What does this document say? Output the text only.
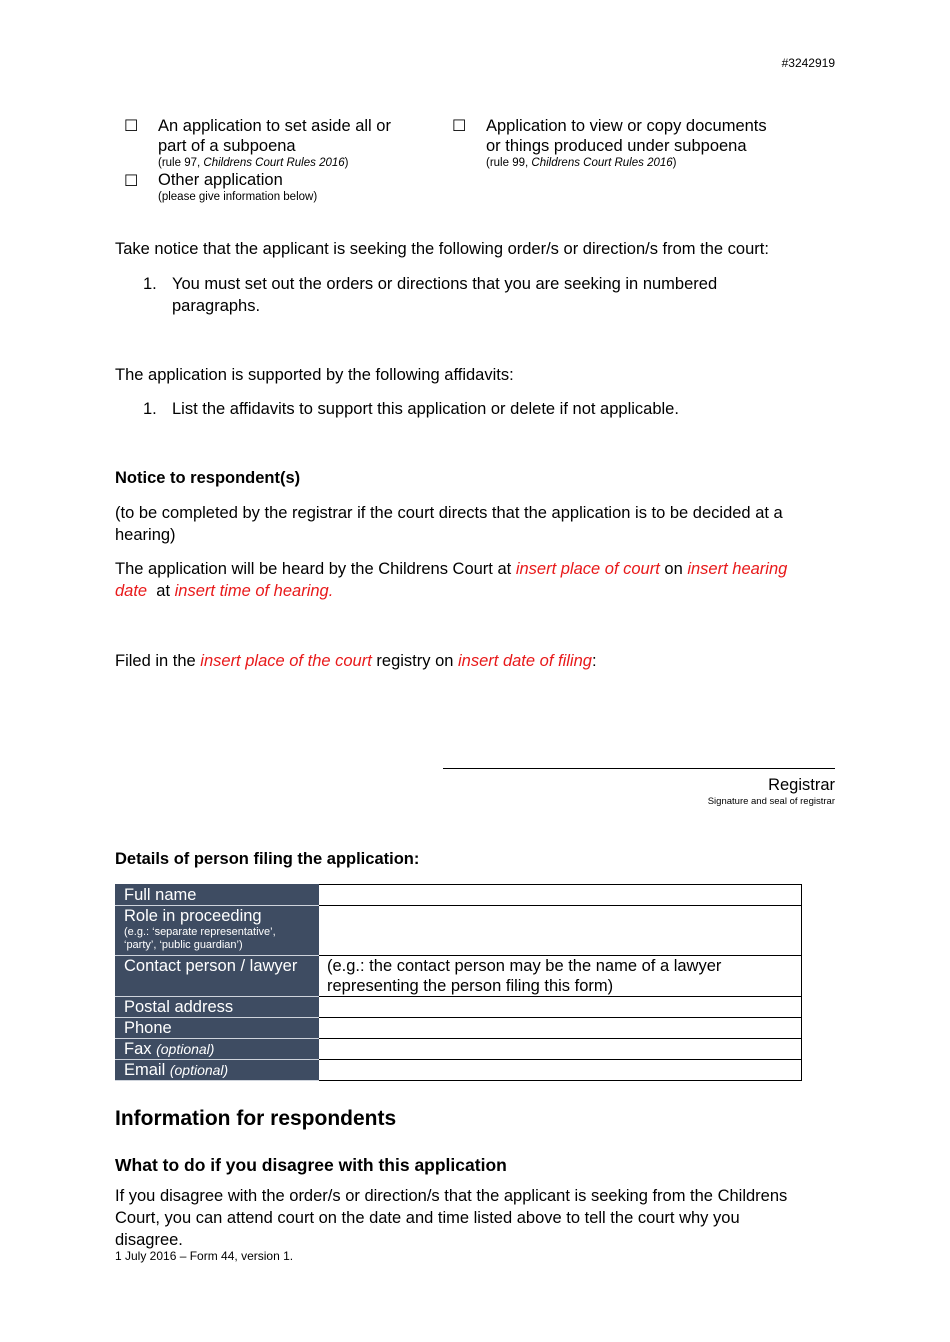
#3242919
☐ An application to set aside all or
part of a subpoena
(rule 97, Childrens Court Rules 2016)
☐ Application to view or copy documents
or things produced under subpoena
(rule 99, Childrens Court Rules 2016)
☐ Other application
(please give information below)
Take notice that the applicant is seeking the following order/s or direction/s from the court:
1. You must set out the orders or directions that you are seeking in numbered
paragraphs.
The application is supported by the following affidavits:
1. List the affidavits to support this application or delete if not applicable.
Notice to respondent(s)
(to be completed by the registrar if the court directs that the application is to be decided at a
hearing)
The application will be heard by the Childrens Court at insert place of court on insert hearing
date  at insert time of hearing.
Filed in the insert place of the court registry on insert date of filing:
Registrar
Signature and seal of registrar
Details of person filing the application:
Full name	
Role in proceeding
(e.g.: ‘separate representative’, ‘party’, ‘public guardian’)	

Contact person / lawyer	(e.g.: the contact person may be the name of a lawyer
representing the person filing this form)

Postal address	
Phone	
Fax (optional)	
Email (optional)	
Information for respondents
What to do if you disagree with this application
If you disagree with the order/s or direction/s that the applicant is seeking from the Childrens
Court, you can attend court on the date and time listed above to tell the court why you
disagree.
1 July 2016 – Form 44, version 1.
